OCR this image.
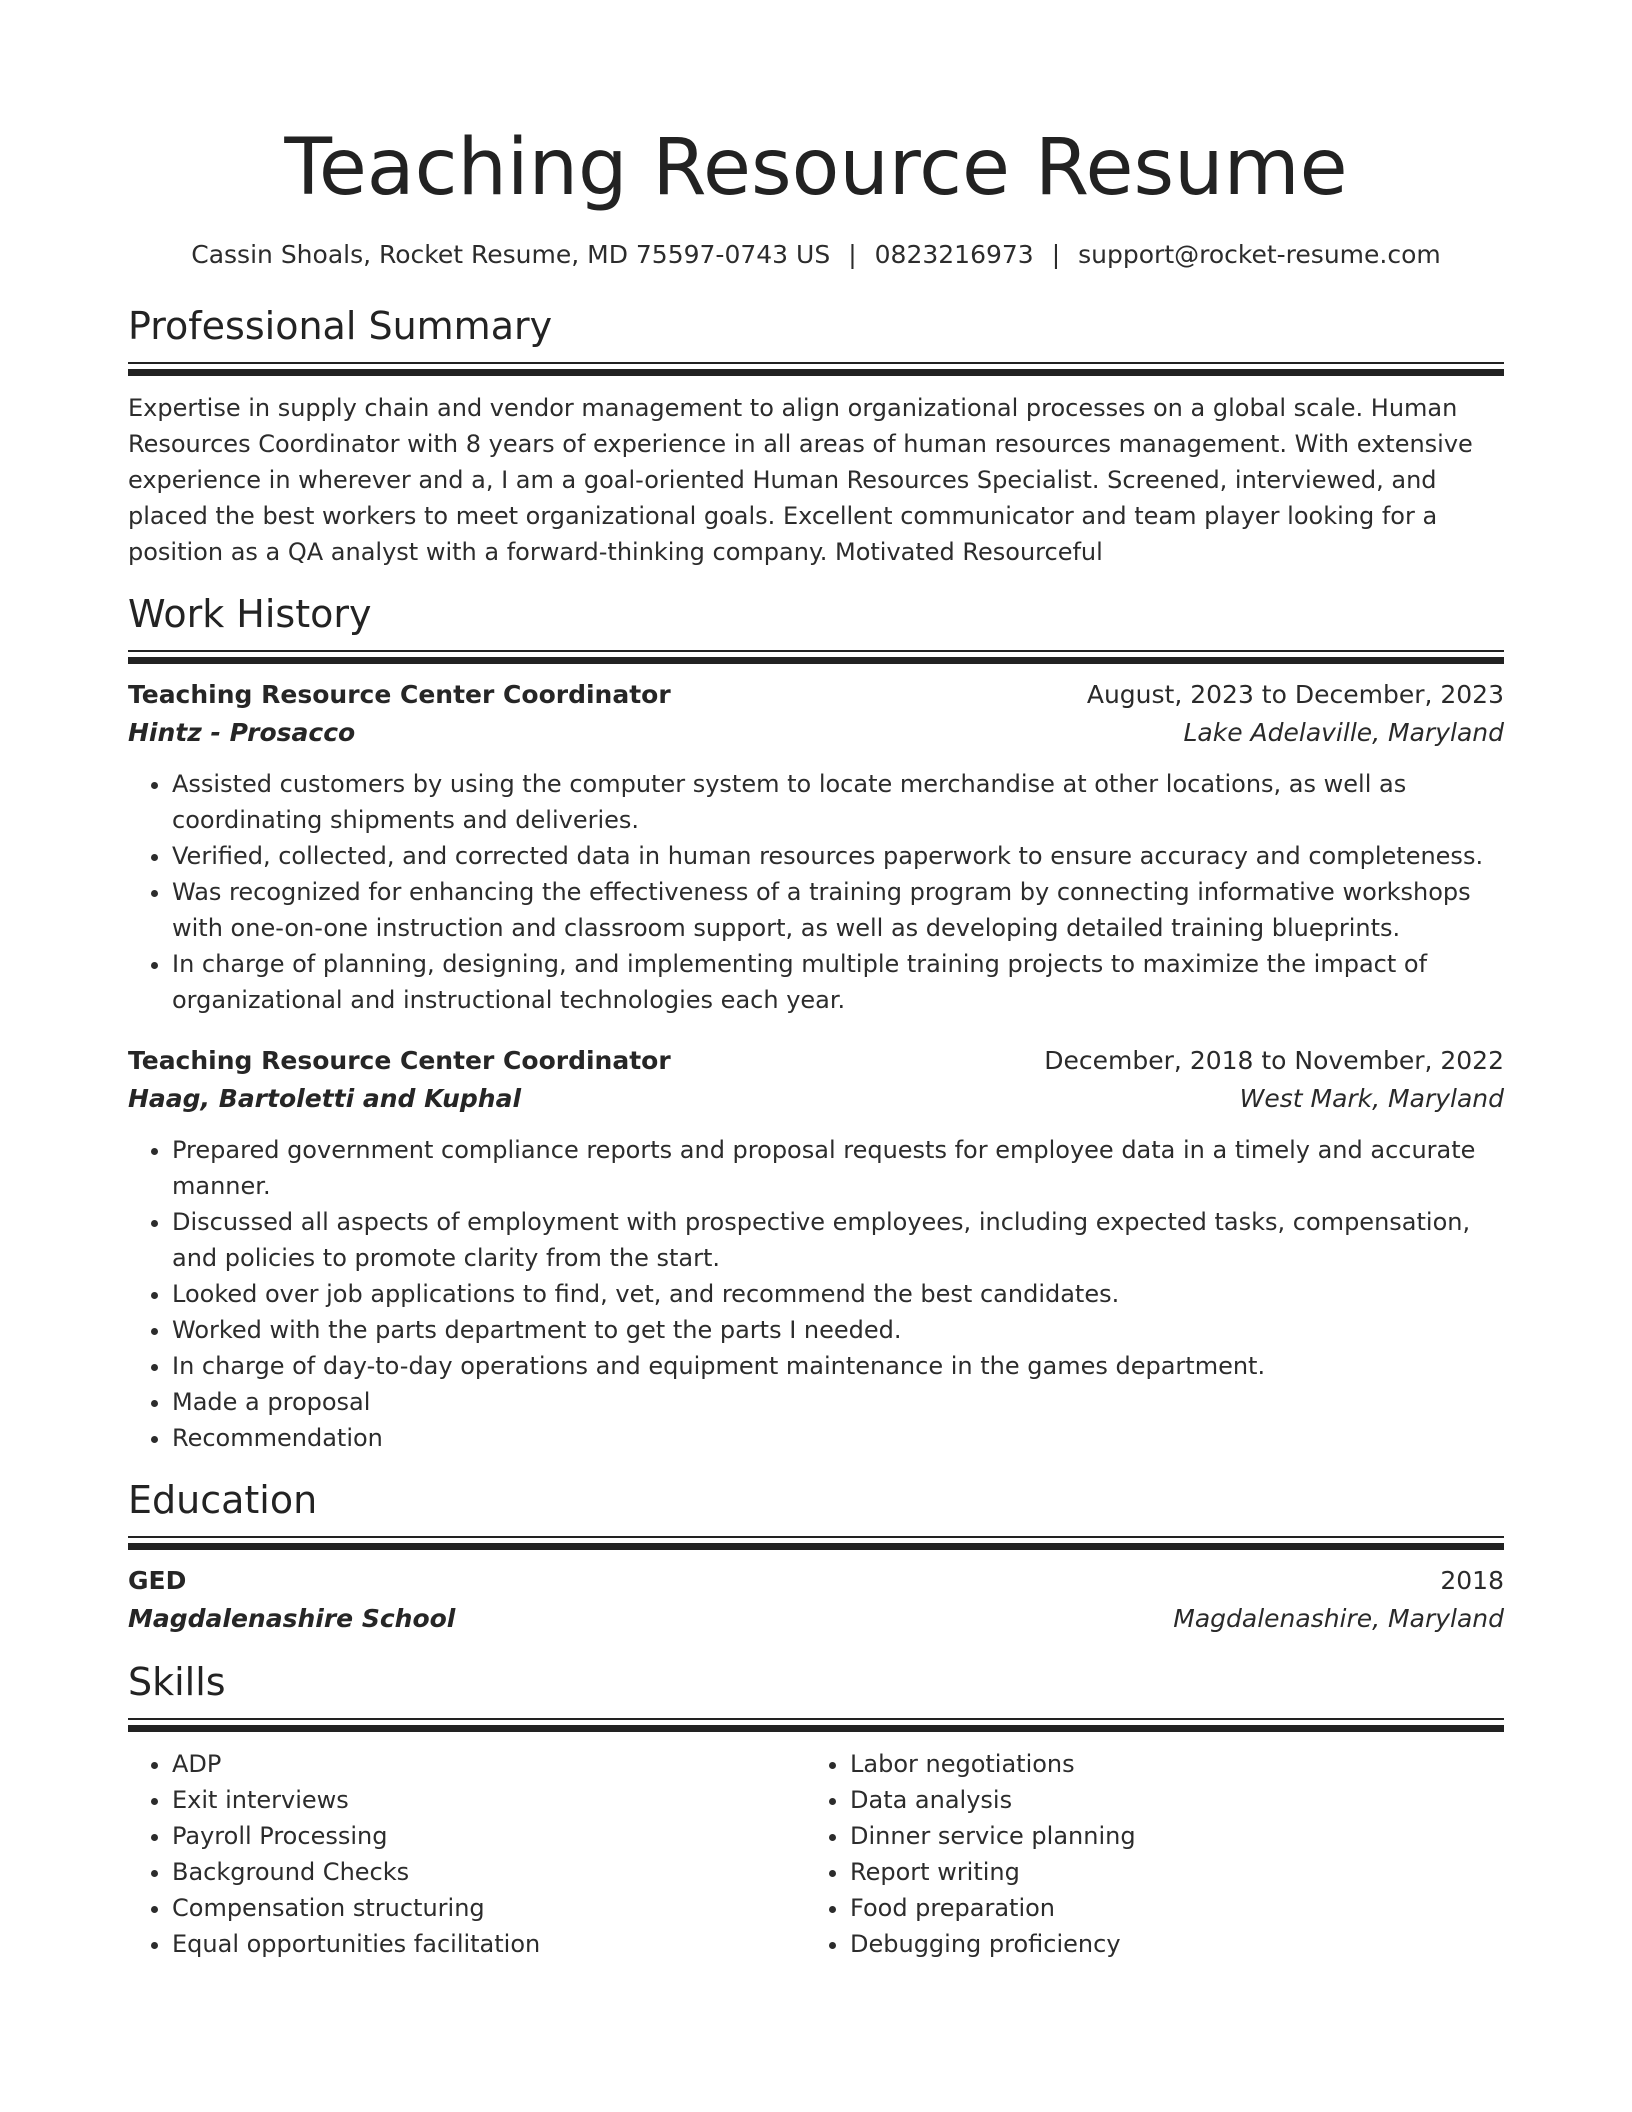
Teaching Resource Resume
Cassin Shoals, Rocket Resume, MD 75597-0743 US | 0823216973 | support@rocket-resume.com
Professional Summary
Expertise in supply chain and vendor management to align organizational processes on a global scale. Human Resources Coordinator with 8 years of experience in all areas of human resources management. With extensive experience in wherever and a, I am a goal-oriented Human Resources Specialist. Screened, interviewed, and placed the best workers to meet organizational goals. Excellent communicator and team player looking for a position as a QA analyst with a forward-thinking company. Motivated Resourceful
Work History
Teaching Resource Center Coordinator	August, 2023 to December, 2023
Hintz - Prosacco	Lake Adelaville, Maryland
• Assisted customers by using the computer system to locate merchandise at other locations, as well as coordinating shipments and deliveries.
• Verified, collected, and corrected data in human resources paperwork to ensure accuracy and completeness.
• Was recognized for enhancing the effectiveness of a training program by connecting informative workshops with one-on-one instruction and classroom support, as well as developing detailed training blueprints.
• In charge of planning, designing, and implementing multiple training projects to maximize the impact of organizational and instructional technologies each year.
Teaching Resource Center Coordinator	December, 2018 to November, 2022
Haag, Bartoletti and Kuphal	West Mark, Maryland
• Prepared government compliance reports and proposal requests for employee data in a timely and accurate manner.
• Discussed all aspects of employment with prospective employees, including expected tasks, compensation, and policies to promote clarity from the start.
• Looked over job applications to find, vet, and recommend the best candidates.
• Worked with the parts department to get the parts I needed.
• In charge of day-to-day operations and equipment maintenance in the games department.
• Made a proposal
• Recommendation
Education
GED	2018
Magdalenashire School	Magdalenashire, Maryland
Skills
• ADP
• Exit interviews
• Payroll Processing
• Background Checks
• Compensation structuring
• Equal opportunities facilitation
• Labor negotiations
• Data analysis
• Dinner service planning
• Report writing
• Food preparation
• Debugging proficiency
